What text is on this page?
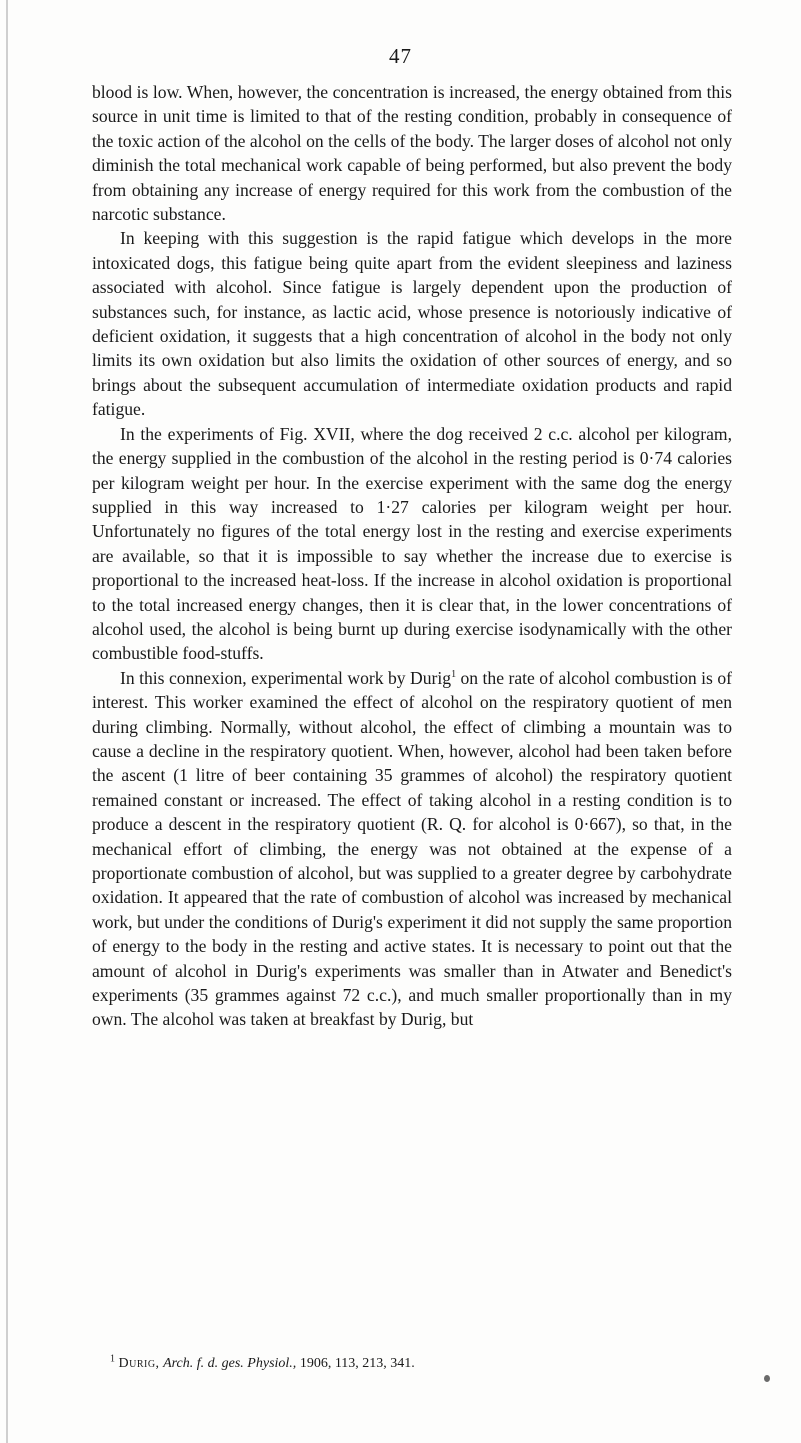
47

blood is low. When, however, the concentration is increased, the energy obtained from this source in unit time is limited to that of the resting condition, probably in consequence of the toxic action of the alcohol on the cells of the body. The larger doses of alcohol not only diminish the total mechanical work capable of being performed, but also prevent the body from obtaining any increase of energy required for this work from the combustion of the narcotic substance.

In keeping with this suggestion is the rapid fatigue which develops in the more intoxicated dogs, this fatigue being quite apart from the evident sleepiness and laziness associated with alcohol. Since fatigue is largely dependent upon the production of substances such, for instance, as lactic acid, whose presence is notoriously indicative of deficient oxidation, it suggests that a high concentration of alcohol in the body not only limits its own oxidation but also limits the oxidation of other sources of energy, and so brings about the subsequent accumulation of intermediate oxidation products and rapid fatigue.

In the experiments of Fig. XVII, where the dog received 2 c.c. alcohol per kilogram, the energy supplied in the combustion of the alcohol in the resting period is 0·74 calories per kilogram weight per hour. In the exercise experiment with the same dog the energy supplied in this way increased to 1·27 calories per kilogram weight per hour. Unfortunately no figures of the total energy lost in the resting and exercise experiments are available, so that it is impossible to say whether the increase due to exercise is proportional to the increased heat-loss. If the increase in alcohol oxidation is proportional to the total increased energy changes, then it is clear that, in the lower concentrations of alcohol used, the alcohol is being burnt up during exercise isodynamically with the other combustible food-stuffs.

In this connexion, experimental work by Durig$^1$ on the rate of alcohol combustion is of interest. This worker examined the effect of alcohol on the respiratory quotient of men during climbing. Normally, without alcohol, the effect of climbing a mountain was to cause a decline in the respiratory quotient. When, however, alcohol had been taken before the ascent (1 litre of beer containing 35 grammes of alcohol) the respiratory quotient remained constant or increased. The effect of taking alcohol in a resting condition is to produce a descent in the respiratory quotient (R. Q. for alcohol is 0·667), so that, in the mechanical effort of climbing, the energy was not obtained at the expense of a proportionate combustion of alcohol, but was supplied to a greater degree by carbohydrate oxidation. It appeared that the rate of combustion of alcohol was increased by mechanical work, but under the conditions of Durig's experiment it did not supply the same proportion of energy to the body in the resting and active states. It is necessary to point out that the amount of alcohol in Durig's experiments was smaller than in Atwater and Benedict's experiments (35 grammes against 72 c.c.), and much smaller proportionally than in my own. The alcohol was taken at breakfast by Durig, but

$^1$ Durig, Arch. f. d. ges. Physiol., 1906, 113, 213, 341.
